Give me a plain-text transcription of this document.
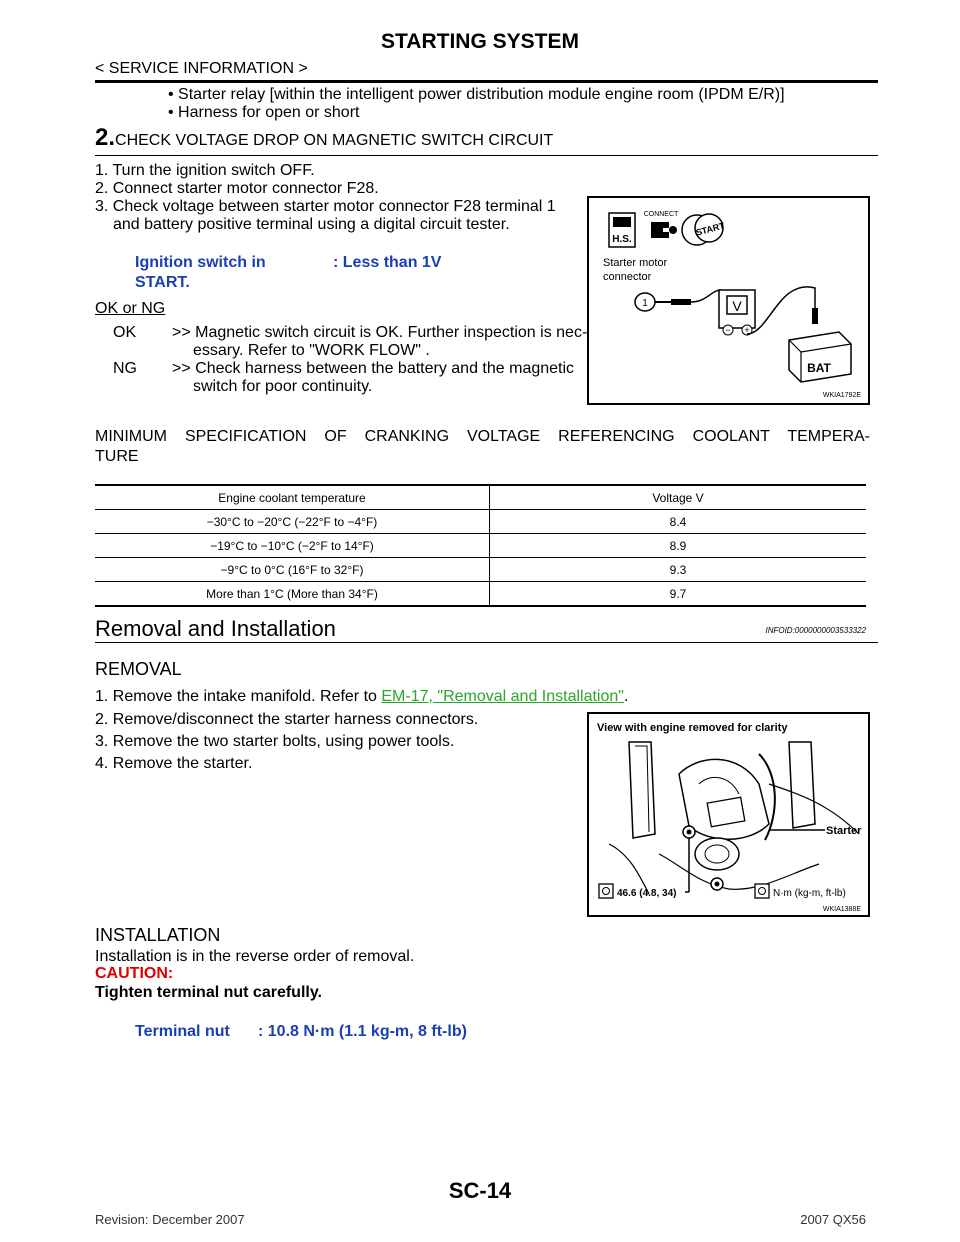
STARTING SYSTEM
< SERVICE INFORMATION >
• Starter relay [within the intelligent power distribution module engine room (IPDM E/R)]
• Harness for open or short
2.CHECK VOLTAGE DROP ON MAGNETIC SWITCH CIRCUIT
1. Turn the ignition switch OFF.
2. Connect starter motor connector F28.
3. Check voltage between starter motor connector F28 terminal 1
and battery positive terminal using a digital circuit tester.
Ignition switch in
START.
: Less than 1V
OK or NG
OK >> Magnetic switch circuit is OK. Further inspection is nec-
essary. Refer to "WORK FLOW" .
NG >> Check harness between the battery and the magnetic
switch for poor continuity.
H.S.
CONNECT
START
Starter motor
connector
1	V
− +
BAT
WKIA1792E
MINIMUM SPECIFICATION OF CRANKING VOLTAGE REFERENCING COOLANT TEMPERA-
TURE
Engine coolant temperature	Voltage V
−30°C to −20°C (−22°F to −4°F)	8.4
−19°C to −10°C (−2°F to 14°F)	8.9
−9°C to 0°C (16°F to 32°F)	9.3
More than 1°C (More than 34°F)	9.7
Removal and Installation	INFOID:0000000003533322
REMOVAL
1. Remove the intake manifold. Refer to EM-17, "Removal and Installation".
2. Remove/disconnect the starter harness connectors.
3. Remove the two starter bolts, using power tools.
4. Remove the starter.
View with engine removed for clarity
Starter
46.6 (4.8, 34)	N·m (kg-m, ft-lb)
WKIA1388E
INSTALLATION
Installation is in the reverse order of removal.
CAUTION:
Tighten terminal nut carefully.
Terminal nut : 10.8 N·m (1.1 kg-m, 8 ft-lb)
SC-14
Revision: December 2007	2007 QX56
